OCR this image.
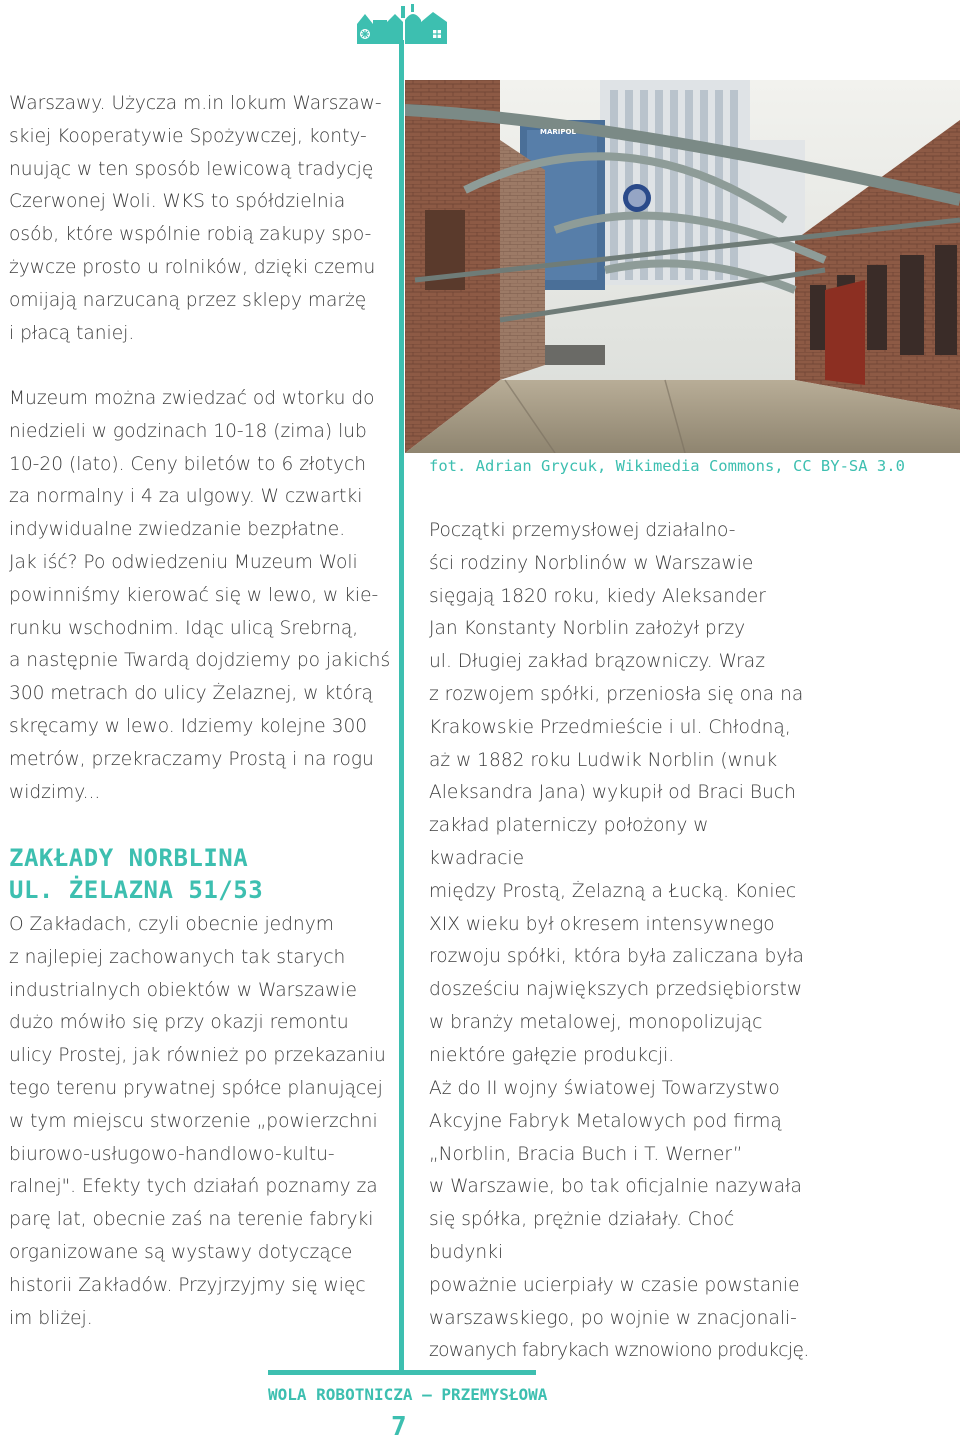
Warszawy. Użycza m.in lokum Warszaw-
skiej Kooperatywie Spożywczej, konty-
nuując w ten sposób lewicową tradycję
Czerwonej Woli. WKS to spółdzielnia
osób, które wspólnie robią zakupy spo-
żywcze prosto u rolników, dzięki czemu
omijają narzucaną przez sklepy marżę
i płacą taniej.
Muzeum można zwiedzać od wtorku do
niedzieli w godzinach 10-18 (zima) lub
10-20 (lato). Ceny biletów to 6 złotych
za normalny i 4 za ulgowy. W czwartki
indywidualne zwiedzanie bezpłatne.
Jak iść? Po odwiedzeniu Muzeum Woli
powinniśmy kierować się w lewo, w kie-
runku wschodnim. Idąc ulicą Srebrną,
a następnie Twardą dojdziemy po jakichś
300 metrach do ulicy Żelaznej, w którą
skręcamy w lewo. Idziemy kolejne 300
metrów, przekraczamy Prostą i na rogu
widzimy...
ZAKŁADY NORBLINA
UL. ŻELAZNA 51/53
O Zakładach, czyli obecnie jednym
z najlepiej zachowanych tak starych
industrialnych obiektów w Warszawie
dużo mówiło się przy okazji remontu
ulicy Prostej, jak również po przekazaniu
tego terenu prywatnej spółce planującej
w tym miejscu stworzenie „powierzchni
biurowo-usługowo-handlowo-kultu-
ralnej". Efekty tych działań poznamy za
parę lat, obecnie zaś na terenie fabryki
organizowane są wystawy dotyczące
historii Zakładów. Przyjrzyjmy się więc
im bliżej.
MARIPOL
fot. Adrian Grycuk, Wikimedia Commons, CC BY-SA 3.0
Początki przemysłowej działalno-
ści rodziny Norblinów w Warszawie
sięgają 1820 roku, kiedy Aleksander
Jan Konstanty Norblin założył przy
ul. Długiej zakład brązowniczy. Wraz
z rozwojem spółki, przeniosła się ona na
Krakowskie Przedmieście i ul. Chłodną,
aż w 1882 roku Ludwik Norblin (wnuk
Aleksandra Jana) wykupił od Braci Buch
zakład platerniczy położony w kwadracie
między Prostą, Żelazną a Łucką. Koniec
XIX wieku był okresem intensywnego
rozwoju spółki, która była zaliczana była
dosześciu największych przedsiębiorstw
w branży metalowej, monopolizując
niektóre gałęzie produkcji.
Aż do II wojny światowej Towarzystwo
Akcyjne Fabryk Metalowych pod firmą
„Norblin, Bracia Buch i T. Werner”
w Warszawie, bo tak oficjalnie nazywała
się spółka, prężnie działały. Choć budynki
poważnie ucierpiały w czasie powstanie
warszawskiego, po wojnie w znacjonali-
zowanych fabrykach wznowiono produkcję.
WOLA ROBOTNICZA – PRZEMYSŁOWA
7
